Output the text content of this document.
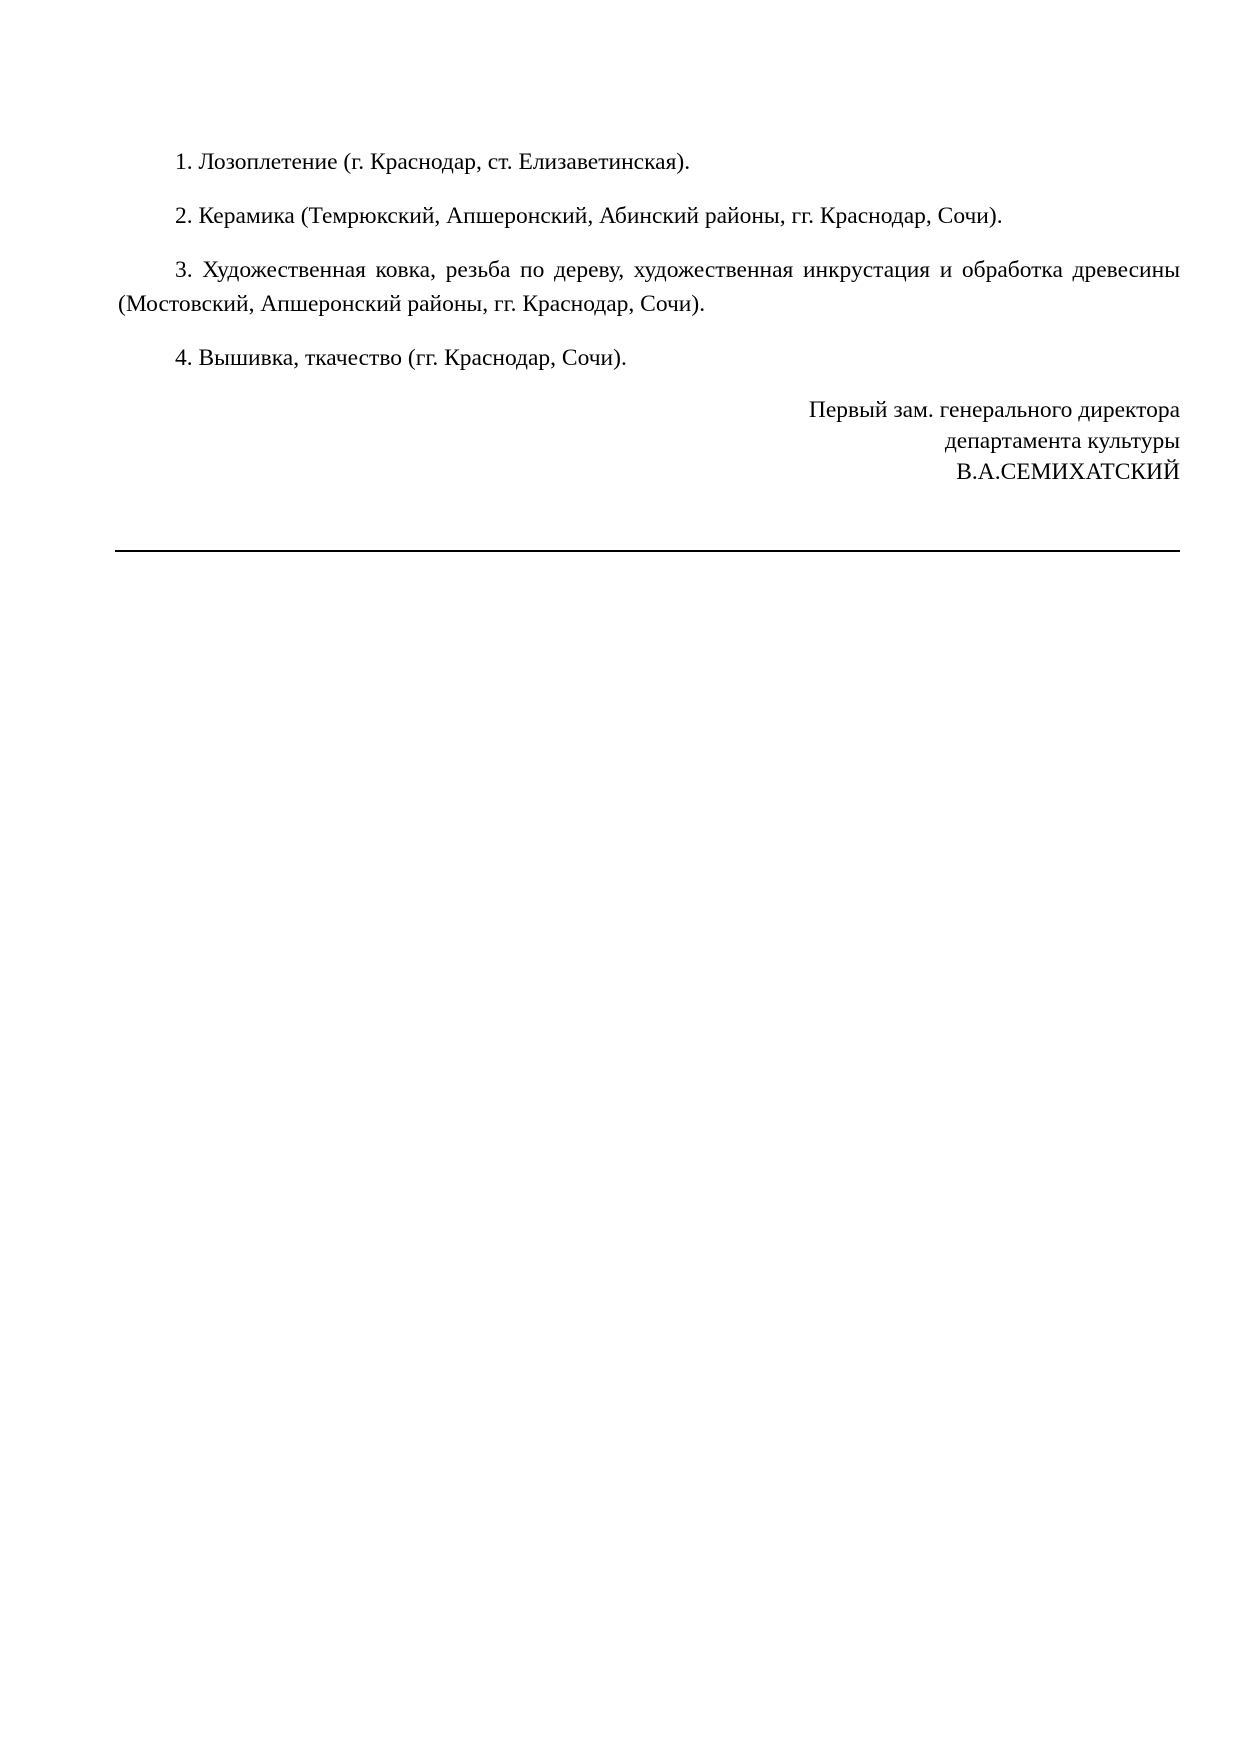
1. Лозоплетение (г. Краснодар, ст. Елизаветинская).

2. Керамика (Темрюкский, Апшеронский, Абинский районы, гг. Краснодар, Сочи).

3. Художественная ковка, резьба по дереву, художественная инкрустация и обработка древесины (Мостовский, Апшеронский районы, гг. Краснодар, Сочи).

4. Вышивка, ткачество (гг. Краснодар, Сочи).

Первый зам. генерального директора
департамента культуры
В.А.СЕМИХАТСКИЙ
